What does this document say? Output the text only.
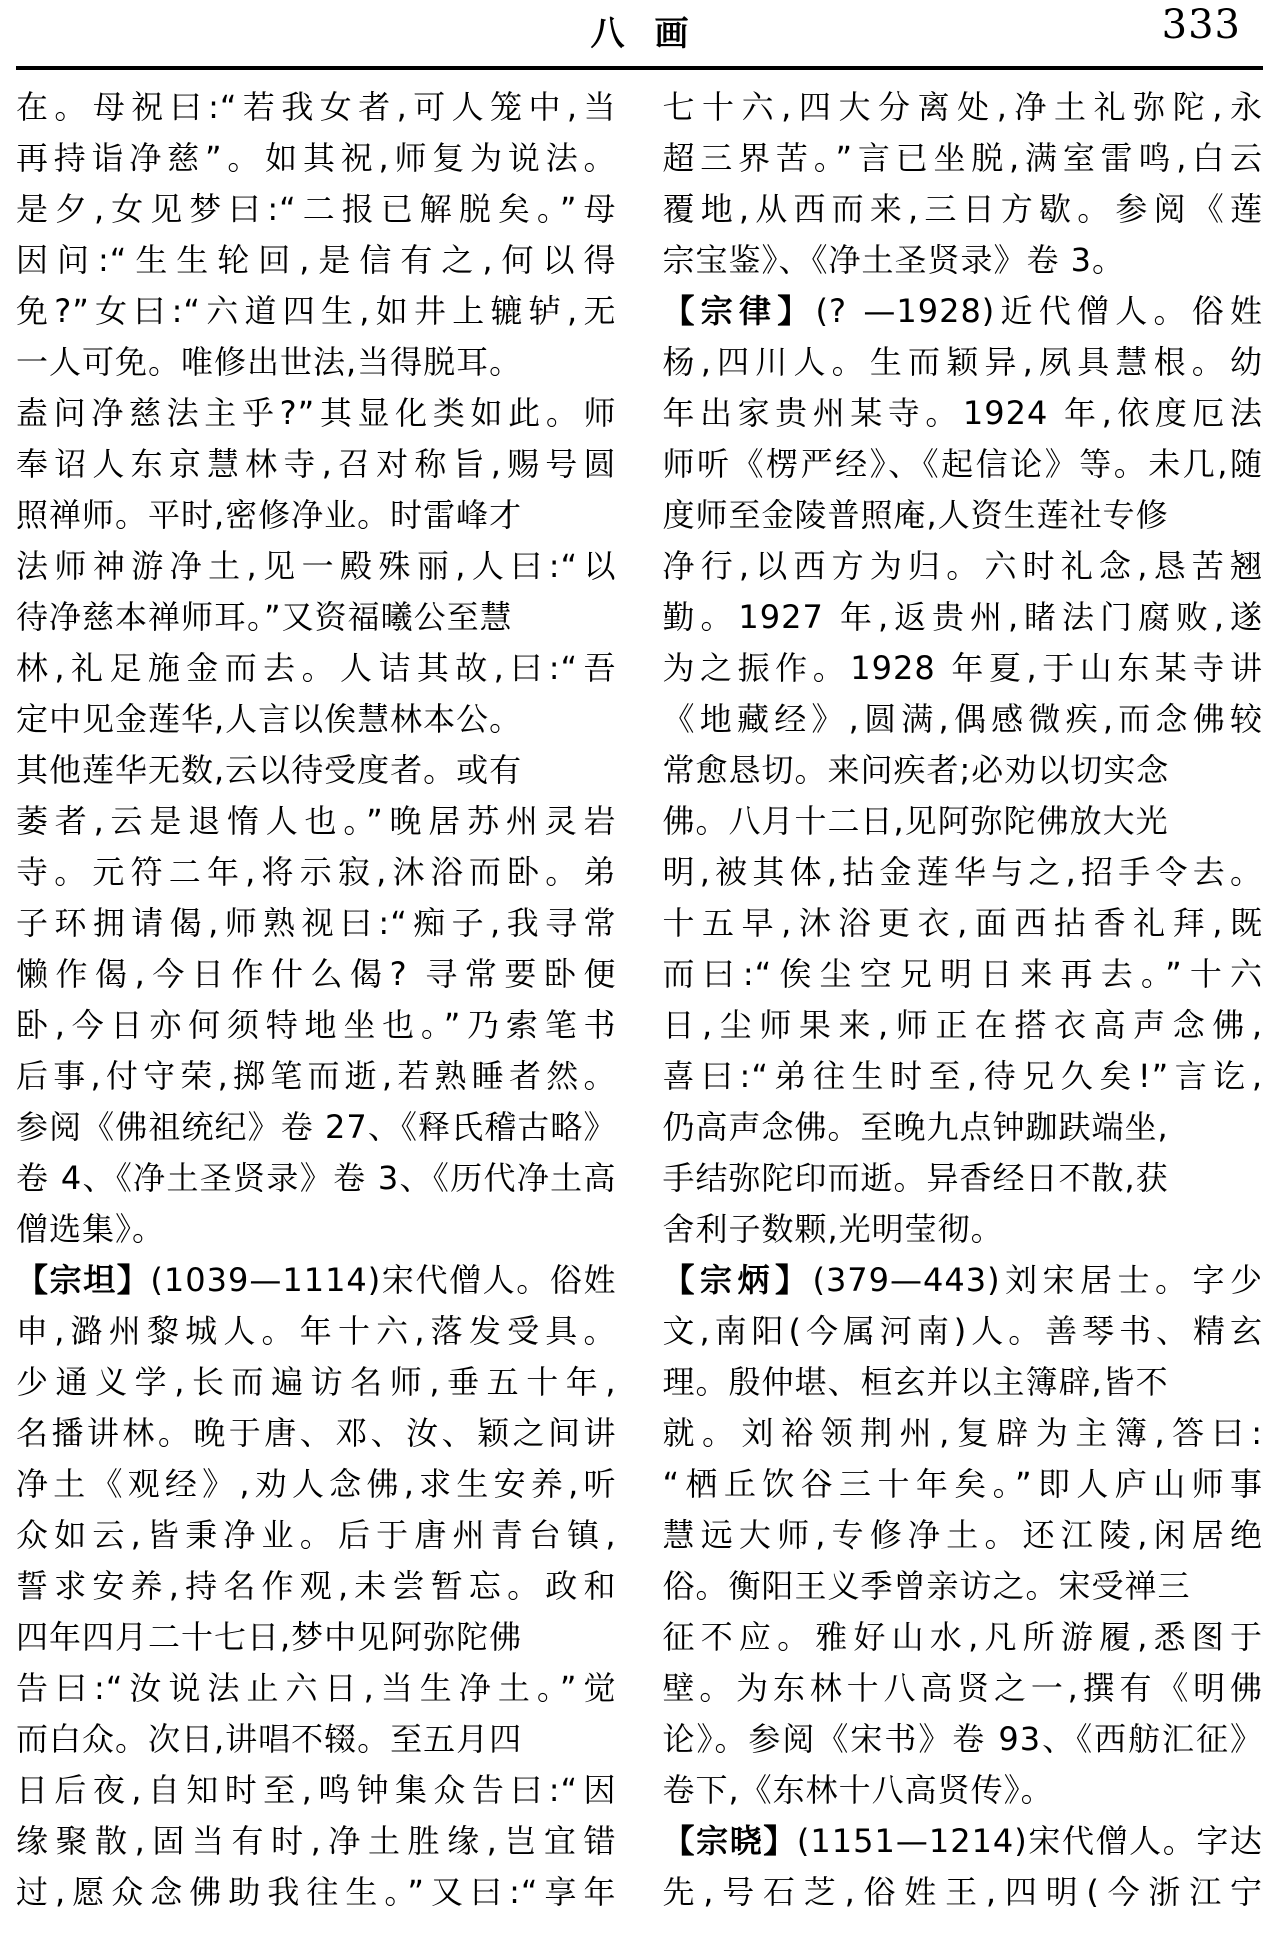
八 画	333
在。母祝曰:“若我女者,可人笼中,当
再持诣净慈”。如其祝,师复为说法。
是夕,女见梦曰:“二报已解脱矣。”母
因问:“生生轮回,是信有之,何以得
免?”女曰:“六道四生,如井上辘轳,无
一人可免。唯修出世法,当得脱耳。
盍问净慈法主乎?”其显化类如此。师
奉诏人东京慧林寺,召对称旨,赐号圆
照禅师。平时,密修净业。时雷峰才
法师神游净土,见一殿殊丽,人曰:“以
待净慈本禅师耳。”又资福曦公至慧
林,礼足施金而去。人诘其故,曰:“吾
定中见金莲华,人言以俟慧林本公。
其他莲华无数,云以待受度者。或有
萎者,云是退惰人也。”晚居苏州灵岩
寺。元符二年,将示寂,沐浴而卧。弟
子环拥请偈,师熟视曰:“痴子,我寻常
懒作偈,今日作什么偈? 寻常要卧便
卧,今日亦何须特地坐也。”乃索笔书
后事,付守荣,掷笔而逝,若熟睡者然。
参阅《佛祖统纪》卷 27、《释氏稽古略》
卷 4、《净土圣贤录》卷 3、《历代净土高
僧选集》。
【宗坦】(1039—1114)宋代僧人。俗姓
申,潞州黎城人。年十六,落发受具。
少通义学,长而遍访名师,垂五十年,
名播讲林。晚于唐、邓、汝、颖之间讲
净土《观经》,劝人念佛,求生安养,听
众如云,皆秉净业。后于唐州青台镇,
誓求安养,持名作观,未尝暂忘。政和
四年四月二十七日,梦中见阿弥陀佛
告曰:“汝说法止六日,当生净土。”觉
而白众。次日,讲唱不辍。至五月四
日后夜,自知时至,鸣钟集众告曰:“因
缘聚散,固当有时,净土胜缘,岂宜错
过,愿众念佛助我往生。”又曰:“享年
七十六,四大分离处,净土礼弥陀,永
超三界苦。”言已坐脱,满室雷鸣,白云
覆地,从西而来,三日方歇。参阅《莲
宗宝鉴》、《净土圣贤录》卷 3。
【宗律】(? —1928)近代僧人。俗姓
杨,四川人。生而颖异,夙具慧根。幼
年出家贵州某寺。1924 年,依度厄法
师听《楞严经》、《起信论》等。未几,随
度师至金陵普照庵,人资生莲社专修
净行,以西方为归。六时礼念,恳苦翘
勤。1927 年,返贵州,睹法门腐败,遂
为之振作。1928 年夏,于山东某寺讲
《地藏经》,圆满,偶感微疾,而念佛较
常愈恳切。来问疾者;必劝以切实念
佛。八月十二日,见阿弥陀佛放大光
明,被其体,拈金莲华与之,招手令去。
十五早,沐浴更衣,面西拈香礼拜,既
而曰:“俟尘空兄明日来再去。”十六
日,尘师果来,师正在搭衣高声念佛,
喜曰:“弟往生时至,待兄久矣!”言讫,
仍高声念佛。至晚九点钟跏趺端坐,
手结弥陀印而逝。异香经日不散,获
舍利子数颗,光明莹彻。
【宗炳】(379—443)刘宋居士。字少
文,南阳(今属河南)人。善琴书、精玄
理。殷仲堪、桓玄并以主簿辟,皆不
就。刘裕领荆州,复辟为主簿,答曰:
“栖丘饮谷三十年矣。”即人庐山师事
慧远大师,专修净土。还江陵,闲居绝
俗。衡阳王义季曾亲访之。宋受禅三
征不应。雅好山水,凡所游履,悉图于
壁。为东林十八高贤之一,撰有《明佛
论》。参阅《宋书》卷 93、《西舫汇征》
卷下,《东林十八高贤传》。
【宗晓】(1151—1214)宋代僧人。字达
先,号石芝,俗姓王,四明(今浙江宁
